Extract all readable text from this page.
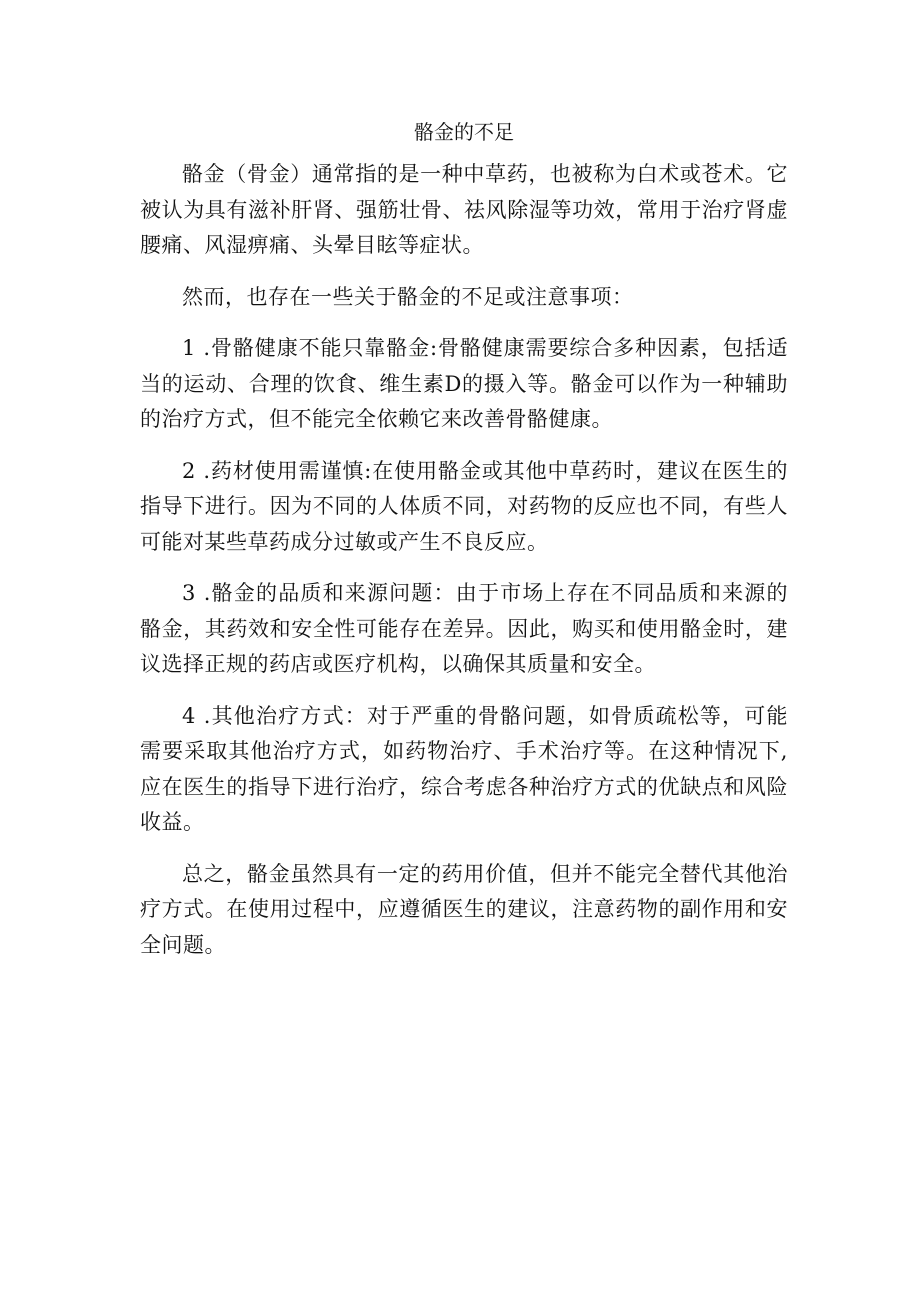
骼金的不足

骼金（骨金）通常指的是一种中草药，也被称为白术或苍术。它被认为具有滋补肝肾、强筋壮骨、祛风除湿等功效，常用于治疗肾虚腰痛、风湿痹痛、头晕目眩等症状。

然而，也存在一些关于骼金的不足或注意事项：

1 .骨骼健康不能只靠骼金:骨骼健康需要综合多种因素，包括适当的运动、合理的饮食、维生素D的摄入等。骼金可以作为一种辅助的治疗方式，但不能完全依赖它来改善骨骼健康。

2 .药材使用需谨慎:在使用骼金或其他中草药时，建议在医生的指导下进行。因为不同的人体质不同，对药物的反应也不同，有些人可能对某些草药成分过敏或产生不良反应。

3 .骼金的品质和来源问题：由于市场上存在不同品质和来源的骼金，其药效和安全性可能存在差异。因此，购买和使用骼金时，建议选择正规的药店或医疗机构，以确保其质量和安全。

4 .其他治疗方式：对于严重的骨骼问题，如骨质疏松等，可能需要采取其他治疗方式，如药物治疗、手术治疗等。在这种情况下,应在医生的指导下进行治疗，综合考虑各种治疗方式的优缺点和风险收益。

总之，骼金虽然具有一定的药用价值，但并不能完全替代其他治疗方式。在使用过程中，应遵循医生的建议，注意药物的副作用和安全问题。
